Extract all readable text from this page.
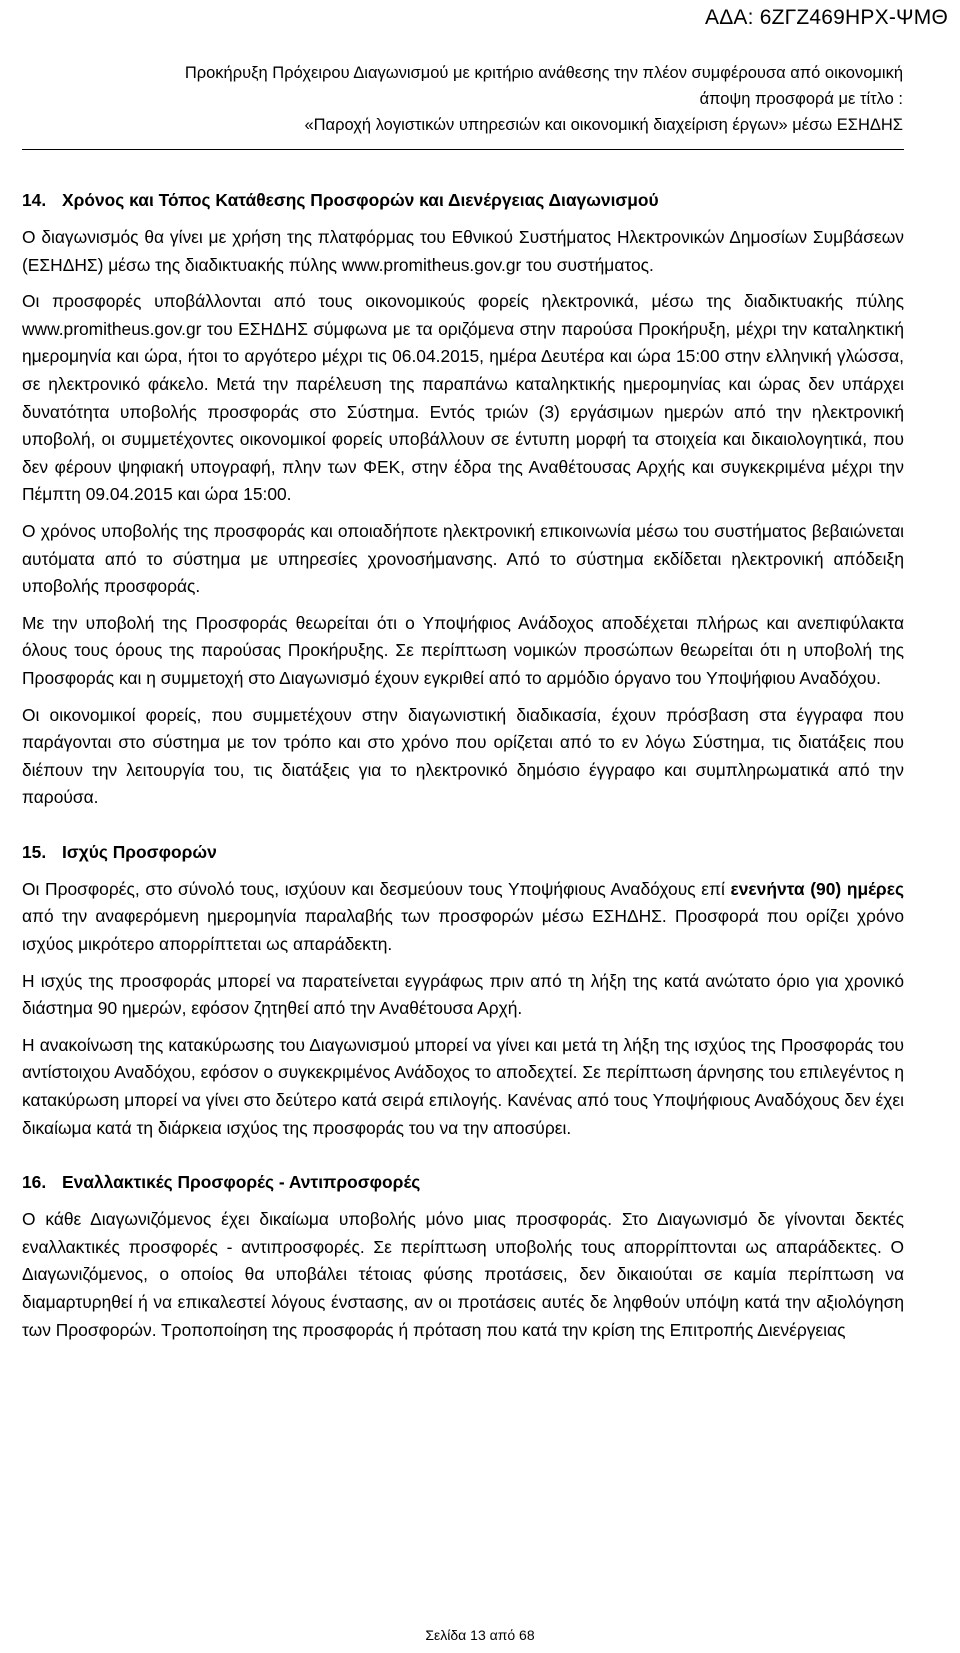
ΑΔΑ: 6ΖΓΖ469ΗΡΧ-ΨΜΘ
Προκήρυξη Πρόχειρου Διαγωνισμού με κριτήριο ανάθεσης την πλέον συμφέρουσα από οικονομική
άποψη προσφορά με τίτλο :
«Παροχή λογιστικών υπηρεσιών και οικονομική διαχείριση έργων» μέσω ΕΣΗΔΗΣ
14. Χρόνος και Τόπος Κατάθεσης Προσφορών και Διενέργειας Διαγωνισμού

Ο διαγωνισμός θα γίνει με χρήση της πλατφόρμας του Εθνικού Συστήματος Ηλεκτρονικών Δημοσίων Συμβάσεων (ΕΣΗΔΗΣ) μέσω της διαδικτυακής πύλης www.promitheus.gov.gr του συστήματος.

Οι προσφορές υποβάλλονται από τους οικονομικούς φορείς ηλεκτρονικά, μέσω της διαδικτυακής πύλης www.promitheus.gov.gr του ΕΣΗΔΗΣ σύμφωνα με τα οριζόμενα στην παρούσα Προκήρυξη, μέχρι την καταληκτική ημερομηνία και ώρα, ήτοι το αργότερο μέχρι τις 06.04.2015, ημέρα Δευτέρα και ώρα 15:00 στην ελληνική γλώσσα, σε ηλεκτρονικό φάκελο. Μετά την παρέλευση της παραπάνω καταληκτικής ημερομηνίας και ώρας δεν υπάρχει δυνατότητα υποβολής προσφοράς στο Σύστημα. Εντός τριών (3) εργάσιμων ημερών από την ηλεκτρονική υποβολή, οι συμμετέχοντες οικονομικοί φορείς υποβάλλουν σε έντυπη μορφή τα στοιχεία και δικαιολογητικά, που δεν φέρουν ψηφιακή υπογραφή, πλην των ΦΕΚ, στην έδρα της Αναθέτουσας Αρχής και συγκεκριμένα μέχρι την Πέμπτη 09.04.2015 και ώρα 15:00.

Ο χρόνος υποβολής της προσφοράς και οποιαδήποτε ηλεκτρονική επικοινωνία μέσω του συστήματος βεβαιώνεται αυτόματα από το σύστημα με υπηρεσίες χρονοσήμανσης. Από το σύστημα εκδίδεται ηλεκτρονική απόδειξη υποβολής προσφοράς.

Με την υποβολή της Προσφοράς θεωρείται ότι ο Υποψήφιος Ανάδοχος αποδέχεται πλήρως και ανεπιφύλακτα όλους τους όρους της παρούσας Προκήρυξης. Σε περίπτωση νομικών προσώπων θεωρείται ότι η υποβολή της Προσφοράς και η συμμετοχή στο Διαγωνισμό έχουν εγκριθεί από το αρμόδιο όργανο του Υποψήφιου Αναδόχου.

Οι οικονομικοί φορείς, που συμμετέχουν στην διαγωνιστική διαδικασία, έχουν πρόσβαση στα έγγραφα που παράγονται στο σύστημα με τον τρόπο και στο χρόνο που ορίζεται από το εν λόγω Σύστημα, τις διατάξεις που διέπουν την λειτουργία του, τις διατάξεις για το ηλεκτρονικό δημόσιο έγγραφο και συμπληρωματικά από την παρούσα.

15. Ισχύς Προσφορών

Οι Προσφορές, στο σύνολό τους, ισχύουν και δεσμεύουν τους Υποψήφιους Αναδόχους επί ενενήντα (90) ημέρες από την αναφερόμενη ημερομηνία παραλαβής των προσφορών μέσω ΕΣΗΔΗΣ. Προσφορά που ορίζει χρόνο ισχύος μικρότερο απορρίπτεται ως απαράδεκτη.

Η ισχύς της προσφοράς μπορεί να παρατείνεται εγγράφως πριν από τη λήξη της κατά ανώτατο όριο για χρονικό διάστημα 90 ημερών, εφόσον ζητηθεί από την Αναθέτουσα Αρχή.

Η ανακοίνωση της κατακύρωσης του Διαγωνισμού μπορεί να γίνει και μετά τη λήξη της ισχύος της Προσφοράς του αντίστοιχου Αναδόχου, εφόσον ο συγκεκριμένος Ανάδοχος το αποδεχτεί. Σε περίπτωση άρνησης του επιλεγέντος η κατακύρωση μπορεί να γίνει στο δεύτερο κατά σειρά επιλογής. Κανένας από τους Υποψήφιους Αναδόχους δεν έχει δικαίωμα κατά τη διάρκεια ισχύος της προσφοράς του να την αποσύρει.

16. Εναλλακτικές Προσφορές - Αντιπροσφορές

Ο κάθε Διαγωνιζόμενος έχει δικαίωμα υποβολής μόνο μιας προσφοράς. Στο Διαγωνισμό δε γίνονται δεκτές εναλλακτικές προσφορές - αντιπροσφορές. Σε περίπτωση υποβολής τους απορρίπτονται ως απαράδεκτες. Ο Διαγωνιζόμενος, ο οποίος θα υποβάλει τέτοιας φύσης προτάσεις, δεν δικαιούται σε καμία περίπτωση να διαμαρτυρηθεί ή να επικαλεστεί λόγους ένστασης, αν οι προτάσεις αυτές δε ληφθούν υπόψη κατά την αξιολόγηση των Προσφορών. Τροποποίηση της προσφοράς ή πρόταση που κατά την κρίση της Επιτροπής Διενέργειας

Σελίδα 13 από 68
